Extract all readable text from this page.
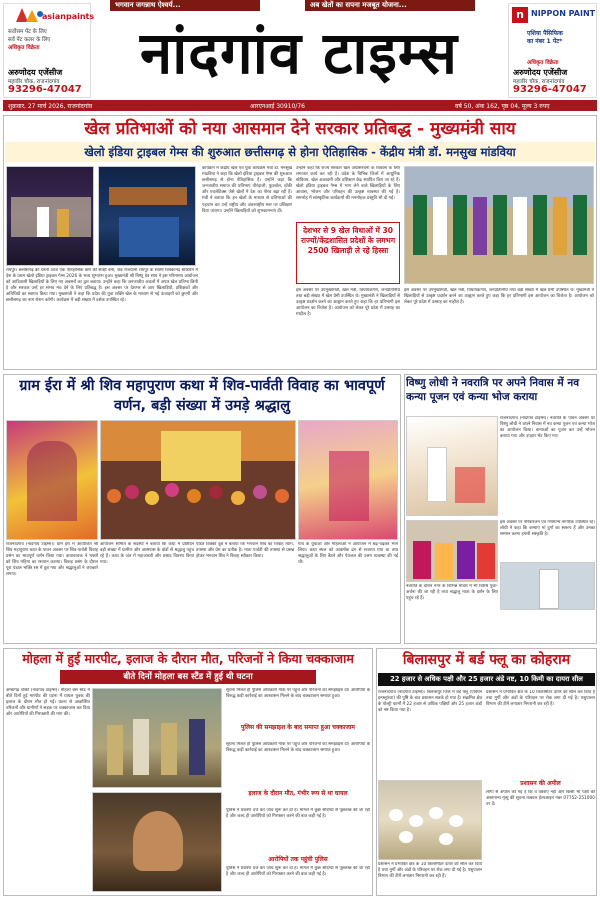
भगवान जगन्नाथ ऐश्वर्य...	अब खेतों का सपना मजबूत योजना...
asianpaints
सर्वोत्तम पेंट के लिए
सर्व पेंट कलर के लिए
अधिकृत विक्रेता
अरुणोदय एजेंसीज
महावीर चौक, राजनांदगांव
93296-47047
नांदगांव टाइम्स
n NIPPON PAINT
एशिया पैसिफिक
का नंबर 1 पेंट*
अधिकृत विक्रेता
अरुणोदय एजेंसीज
महावीर चौक, राजनांदगांव
93296-47047
शुक्रवार, 27 मार्च 2026, राजनांदगांव	आरएनआई 30910/76	वर्ष 50, अंक 162, पृष्ठ 04, मूल्य 3 रुपए
खेल प्रतिभाओं को नया आसमान देने सरकार प्रतिबद्ध - मुख्यमंत्री साय
खेलो इंडिया ट्राइबल गेम्स की शुरुआत छत्तीसगढ़ से होना ऐतिहासिक - केंद्रीय मंत्री डॉ. मनसुख मांडविया
रायपुर। छत्तीसगढ़ की धरती आज एक ऐतिहासिक क्षण की साक्षी बनी, जब राजधानी रायपुर के स्वामी विवेकानंद स्टेडियम में देश के प्रथम खेलो इंडिया ट्राइबल गेम्स 2026 के भव्य शुभारंभ हुआ। मुख्यमंत्री श्री विष्णु देव साय ने इस गरिमामय आयोजन को आदिवासी खिलाड़ियों के लिए नए अवसरों का द्वार बताया। उन्होंने कहा कि जनजातीय अंचलों में अपार खेल प्रतिभा छिपी है और सरकार उन्हें हर संभव मंच देने के लिए प्रतिबद्ध है। इस अवसर पर देशभर से आए खिलाड़ियों, प्रशिक्षकों और अतिथियों का स्वागत किया गया। मुख्यमंत्री ने कहा कि प्रदेश की युवा शक्ति खेल के माध्यम से नई ऊंचाइयों को छुएगी और छत्तीसगढ़ का नाम रोशन करेगी। कार्यक्रम में बड़ी संख्या में दर्शक उपस्थित रहे।
कार्यक्रम में केंद्रीय खेल एवं युवा कार्यक्रम मंत्री डॉ. मनसुख मांडविया ने कहा कि खेलो इंडिया ट्राइबल गेम्स की शुरुआत छत्तीसगढ़ से होना ऐतिहासिक है। उन्होंने कहा कि जनजातीय समाज की प्रतिभाएं तीरंदाजी, फुटबॉल, हॉकी और एथलेटिक्स जैसे खेलों में देश का गौरव बढ़ा रही हैं। मंत्री ने बताया कि इन खेलों के माध्यम से प्रतिभाओं की पहचान कर उन्हें राष्ट्रीय और अंतरराष्ट्रीय स्तर पर प्रशिक्षण दिया जाएगा। उन्होंने खिलाड़ियों को शुभकामनाएं दीं।
देशभर से 9 खेल विधाओं में 30 राज्यों/केंद्रशासित प्रदेशों के लगभग 2500 खिलाड़ी ले रहे हिस्सा
उन्होंने कहा कि राज्य सरकार खेल अधोसंरचना के विकास के लिए लगातार कार्य कर रही है। प्रदेश के विभिन्न जिलों में आधुनिक स्टेडियम, खेल अकादमी और प्रशिक्षण केंद्र स्थापित किए जा रहे हैं। खेलो इंडिया ट्राइबल गेम्स में भाग लेने वाले खिलाड़ियों के लिए आवास, भोजन और परिवहन की उत्कृष्ट व्यवस्था की गई है। समारोह में सांस्कृतिक कार्यक्रमों की मनमोहक प्रस्तुति भी दी गई।
इस अवसर पर उपमुख्यमंत्री, खेल मंत्री, विधायकगण, जनप्रतिनिधि तथा बड़ी संख्या में खेल प्रेमी उपस्थित थे। मुख्यमंत्री ने खिलाड़ियों से उत्कृष्ट प्रदर्शन करने का आह्वान करते हुए कहा कि हर प्रतिभागी इस आयोजन का विजेता है। आयोजन को लेकर पूरे प्रदेश में उत्साह का माहौल है।
इस अवसर पर उपमुख्यमंत्री, खेल मंत्री, विधायकगण, जनप्रतिनिधि तथा बड़ी संख्या में खेल प्रेमी उपस्थित थे। मुख्यमंत्री ने खिलाड़ियों से उत्कृष्ट प्रदर्शन करने का आह्वान करते हुए कहा कि हर प्रतिभागी इस आयोजन का विजेता है। आयोजन को लेकर पूरे प्रदेश में उत्साह का माहौल है।
ग्राम ईरा में श्री शिव महापुराण कथा में शिव-पार्वती विवाह का भावपूर्ण वर्णन, बड़ी संख्या में उमड़े श्रद्धालु
राजनांदगांव (नांदगांव टाइम्स)। ग्राम ईरा में आयोजित श्री शिव महापुराण कथा के पावन अवसर पर शिव-पार्वती विवाह प्रसंग का भावपूर्ण वर्णन किया गया। कथावाचक ने भक्तों को शिव महिमा का रसपान कराया। विवाह प्रसंग के दौरान पूरा पंडाल भक्ति रस में डूब गया और श्रद्धालुओं ने जयकारे लगाए।
आयोजन समिति के सदस्यों ने बताया कि कथा में प्रतिदिन बड़ी संख्या में ग्रामीण और आसपास के क्षेत्रों से श्रद्धालु पहुंच रहे हैं। कथा के अंत में महाआरती और प्रसाद वितरण किया गया।
पंडित विक्की दुबे ने बताया कि भगवान शिव का विवाह त्याग, तपस्या और प्रेम का प्रतीक है। माता पार्वती की तपस्या से प्रसन्न होकर भगवान शिव ने विवाह स्वीकार किया।
गांव के युवाओं और महिलाओं ने आयोजन में बढ़-चढ़कर भाग लिया। कथा स्थल को आकर्षक ढंग से सजाया गया था तथा श्रद्धालुओं के लिए बैठने और पेयजल की उत्तम व्यवस्था की गई थी।
विष्णु लोधी ने नवरात्रि पर अपने निवास में नव कन्या पूजन एवं कन्या भोज कराया
राजनांदगांव (नांदगांव टाइम्स)। नवरात्रि के पावन अवसर पर विष्णु लोधी ने अपने निवास में नव कन्या पूजन एवं कन्या भोज का आयोजन किया। कन्याओं का पूजन कर उन्हें भोजन कराया गया और उपहार भेंट किए गए।
इस अवसर पर परिवारजन एवं गणमान्य नागरिक उपस्थित रहे। लोधी ने कहा कि कन्याएं मां दुर्गा का स्वरूप हैं और उनका सम्मान करना हमारी संस्कृति है।
नवरात्रि के दौरान नगर के विभिन्न मंदिरों में भी विशेष पूजा-अर्चना की जा रही है तथा श्रद्धालु माता के दर्शन के लिए पहुंच रहे हैं।
मोहला में हुई मारपीट, इलाज के दौरान मौत, परिजनों ने किया चक्काजाम
बीते दिनों मोहला बस स्टैंड में हुई थी घटना
अम्बागढ़ चौकी (नांदगांव टाइम्स)। मोहला बस स्टैंड में बीते दिनों हुई मारपीट की घटना में घायल युवक की इलाज के दौरान मौत हो गई। घटना से आक्रोशित परिजनों और ग्रामीणों ने सड़क पर चक्काजाम कर दिया और आरोपियों की गिरफ्तारी की मांग की।
सूचना मिलते ही पुलिस अधिकारी मौके पर पहुंचे और परिजनों को समझाइश दी। आरोपियों के विरुद्ध कड़ी कार्रवाई का आश्वासन मिलने के बाद चक्काजाम समाप्त हुआ।
पुलिस की समझाइश के बाद समाप्त हुआ चक्काजाम
सूचना मिलते ही पुलिस अधिकारी मौके पर पहुंचे और परिजनों को समझाइश दी। आरोपियों के विरुद्ध कड़ी कार्रवाई का आश्वासन मिलने के बाद चक्काजाम समाप्त हुआ।
इलाज के दौरान मौत, गंभीर रूप से था घायल
पुलिस ने प्रकरण दर्ज कर जांच शुरू कर दी है। मामले में कुछ संदिग्धों से पूछताछ की जा रही है और जल्द ही आरोपियों को गिरफ्तार करने की बात कही गई है।
आरोपियों तक पहुंची पुलिस
पुलिस ने प्रकरण दर्ज कर जांच शुरू कर दी है। मामले में कुछ संदिग्धों से पूछताछ की जा रही है और जल्द ही आरोपियों को गिरफ्तार करने की बात कही गई है।
बिलासपुर में बर्ड फ्लू का कोहराम
22 हजार से अधिक पक्षी और 25 हजार अंडे नष्ट, 10 किमी का दायरा सील
राजनांदगांव (नांदगांव टाइम्स)। बिलासपुर जिले में बर्ड फ्लू (एवियन इन्फ्लूएंजा) की पुष्टि के बाद प्रशासन सतर्क हो गया है। संक्रमित क्षेत्र के पोल्ट्री फार्मों में 22 हजार से अधिक पक्षियों और 25 हजार अंडों को नष्ट किया गया है।
प्रशासन ने प्रभावित क्षेत्र के 10 किलोमीटर दायरे को सील कर दिया है तथा मुर्गी और अंडों के परिवहन पर रोक लगा दी गई है। पशुपालन विभाग की टीमें लगातार निगरानी कर रही हैं।
प्रशासन की अपील
लोगों से अपील की गई है कि वे घबराएं नहीं और किसी भी पक्षी की असामान्य मृत्यु की सूचना तत्काल हेल्पलाइन नंबर 07752-251000 पर दें।
प्रशासन ने प्रभावित क्षेत्र के 10 किलोमीटर दायरे को सील कर दिया है तथा मुर्गी और अंडों के परिवहन पर रोक लगा दी गई है। पशुपालन विभाग की टीमें लगातार निगरानी कर रही हैं।
